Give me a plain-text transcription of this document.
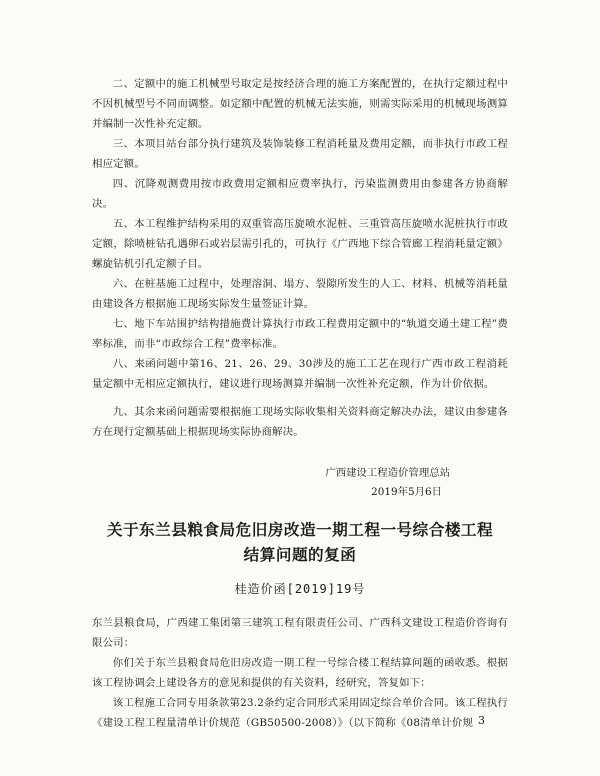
二、定额中的施工机械型号取定是按经济合理的施工方案配置的，在执行定额过程中不因机械型号不同而调整。如定额中配置的机械无法实施，则需实际采用的机械现场测算并编制一次性补充定额。

三、本项目站台部分执行建筑及装饰装修工程消耗量及费用定额，而非执行市政工程相应定额。

四、沉降观测费用按市政费用定额相应费率执行，污染监测费用由参建各方协商解决。

五、本工程维护结构采用的双重管高压旋喷水泥桩、三重管高压旋喷水泥桩执行市政定额，除喷桩钻孔遇卵石或岩层需引孔的，可执行《广西地下综合管廊工程消耗量定额》螺旋钻机引孔定额子目。

六、在桩基施工过程中，处理溶洞、塌方、裂隙所发生的人工、材料、机械等消耗量由建设各方根据施工现场实际发生量签证计算。

七、地下车站围护结构措施费计算执行市政工程费用定额中的“轨道交通土建工程”费率标准，而非“市政综合工程”费率标准。

八、来函问题中第16、21、26、29、30涉及的施工工艺在现行广西市政工程消耗量定额中无相应定额执行，建议进行现场测算并编制一次性补充定额，作为计价依据。

九、其余来函问题需要根据施工现场实际收集相关资料商定解决办法，建议由参建各方在现行定额基础上根据现场实际协商解决。

广西建设工程造价管理总站
2019年5月6日
关于东兰县粮食局危旧房改造一期工程一号综合楼工程
结算问题的复函
桂造价函[2019]19号

东兰县粮食局，广西建工集团第三建筑工程有限责任公司、广西科文建设工程造价咨询有限公司：

你们关于东兰县粮食局危旧房改造一期工程一号综合楼工程结算问题的函收悉。根据该工程协调会上建设各方的意见和提供的有关资料，经研究，答复如下：

该工程施工合同专用条款第23.2条约定合同形式采用固定综合单价合同。该工程执行《建设工程工程量清单计价规范（GB50500-2008）》（以下简称《08清单计价规 3
